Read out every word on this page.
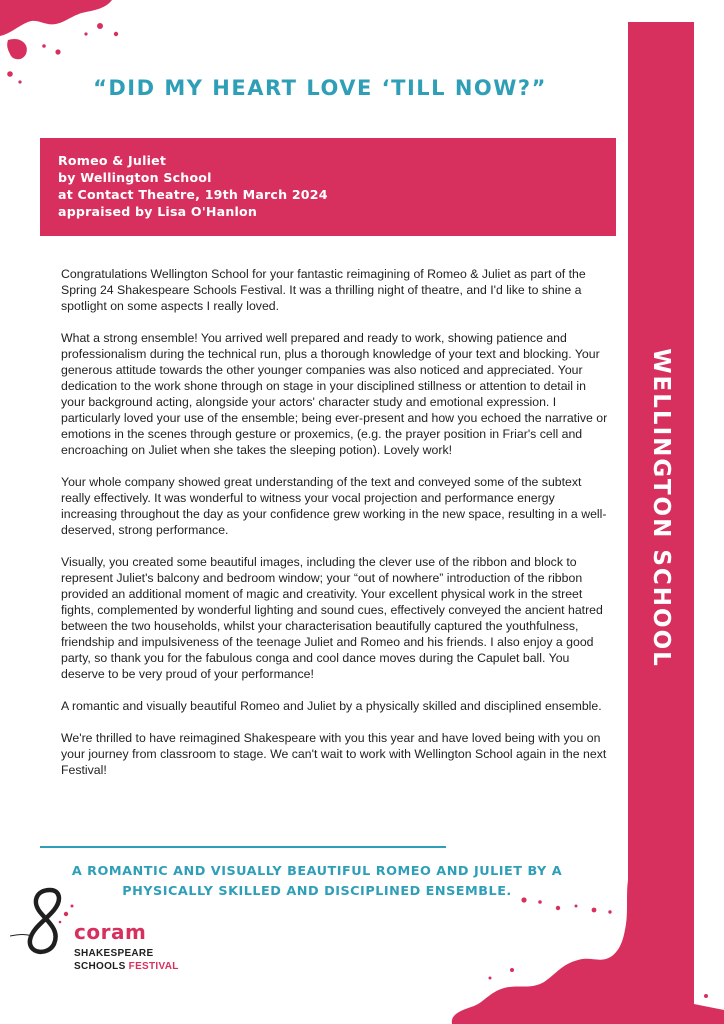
“DID MY HEART LOVE ‘TILL NOW?”
Romeo & Juliet
by Wellington School
at Contact Theatre, 19th March 2024
appraised by Lisa O'Hanlon
WELLINGTON SCHOOL

Congratulations Wellington School for your fantastic reimagining of Romeo & Juliet as part of the Spring 24 Shakespeare Schools Festival. It was a thrilling night of theatre, and I'd like to shine a spotlight on some aspects I really loved.

What a strong ensemble! You arrived well prepared and ready to work, showing patience and professionalism during the technical run, plus a thorough knowledge of your text and blocking. Your generous attitude towards the other younger companies was also noticed and appreciated. Your dedication to the work shone through on stage in your disciplined stillness or attention to detail in your background acting, alongside your actors' character study and emotional expression. I particularly loved your use of the ensemble; being ever-present and how you echoed the narrative or emotions in the scenes through gesture or proxemics, (e.g. the prayer position in Friar's cell and encroaching on Juliet when she takes the sleeping potion). Lovely work!

Your whole company showed great understanding of the text and conveyed some of the subtext really effectively. It was wonderful to witness your vocal projection and performance energy increasing throughout the day as your confidence grew working in the new space, resulting in a well-deserved, strong performance.

Visually, you created some beautiful images, including the clever use of the ribbon and block to represent Juliet's balcony and bedroom window; your “out of nowhere” introduction of the ribbon provided an additional moment of magic and creativity. Your excellent physical work in the street fights, complemented by wonderful lighting and sound cues, effectively conveyed the ancient hatred between the two households, whilst your characterisation beautifully captured the youthfulness, friendship and impulsiveness of the teenage Juliet and Romeo and his friends. I also enjoy a good party, so thank you for the fabulous conga and cool dance moves during the Capulet ball. You deserve to be very proud of your performance!

A romantic and visually beautiful Romeo and Juliet by a physically skilled and disciplined ensemble.

We're thrilled to have reimagined Shakespeare with you this year and have loved being with you on your journey from classroom to stage. We can't wait to work with Wellington School again in the next Festival!

A ROMANTIC AND VISUALLY BEAUTIFUL ROMEO AND JULIET BY A PHYSICALLY SKILLED AND DISCIPLINED ENSEMBLE.

coram
SHAKESPEARE
SCHOOLS FESTIVAL
